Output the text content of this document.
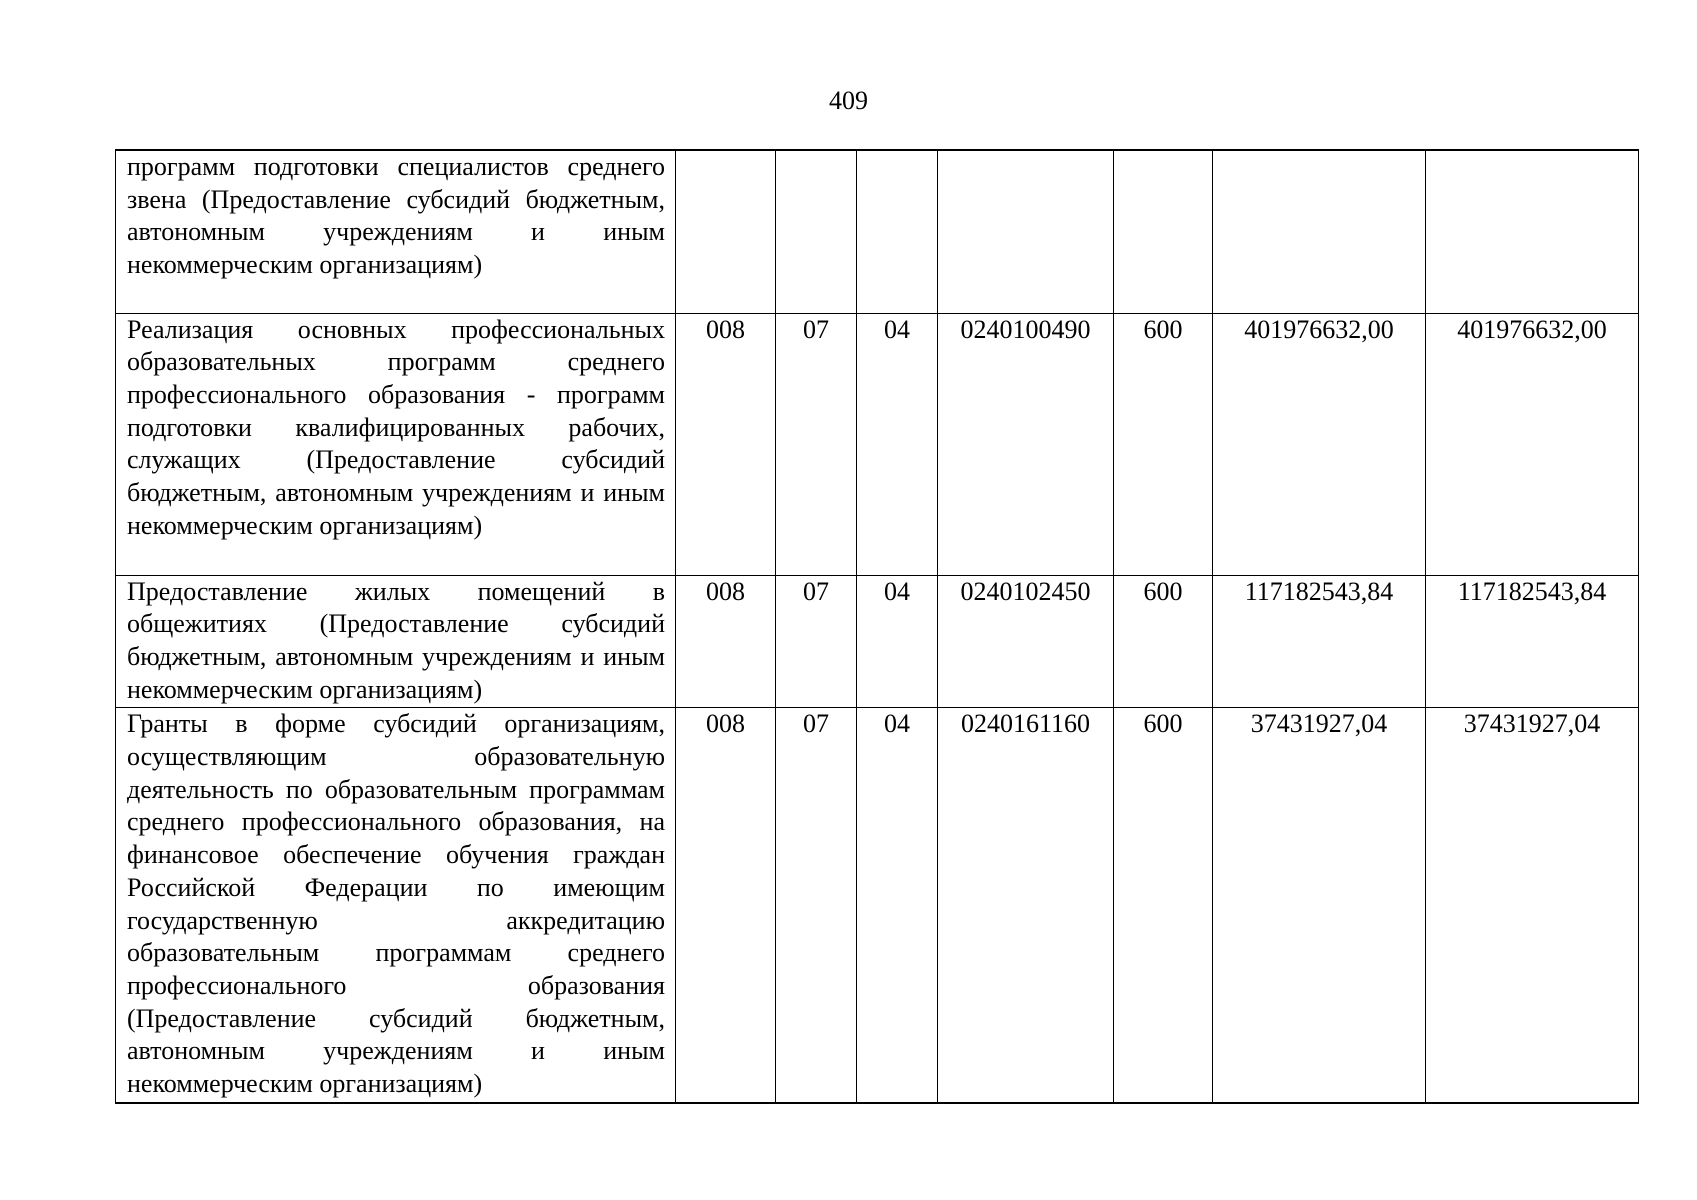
409
программ подготовки специалистов среднего звена (Предоставление субсидий бюджетным, автономным учреждениям и иным некоммерческим организациям)							
Реализация основных профессиональных образовательных программ среднего профессионального образования - программ подготовки квалифицированных рабочих, служащих (Предоставление субсидий бюджетным, автономным учреждениям и иным некоммерческим организациям)	008	07	04	0240100490	600	401976632,00	401976632,00
Предоставление жилых помещений в общежитиях (Предоставление субсидий бюджетным, автономным учреждениям и иным некоммерческим организациям)	008	07	04	0240102450	600	117182543,84	117182543,84
Гранты в форме субсидий организациям, осуществляющим образовательную деятельность по образовательным программам среднего профессионального образования, на финансовое обеспечение обучения граждан Российской Федерации по имеющим государственную аккредитацию образовательным программам среднего профессионального образования (Предоставление субсидий бюджетным, автономным учреждениям и иным некоммерческим организациям)	008	07	04	0240161160	600	37431927,04	37431927,04
